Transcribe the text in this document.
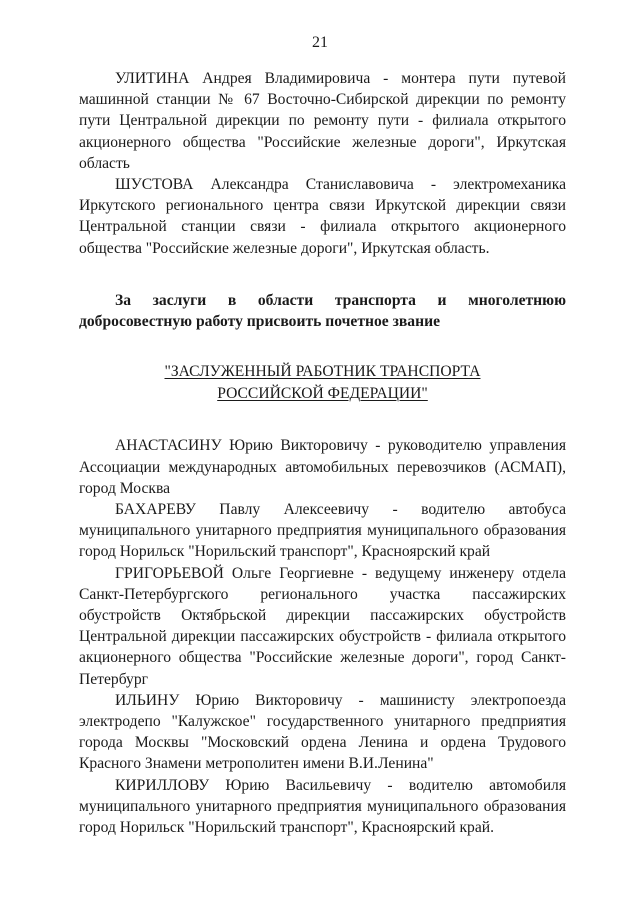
21

УЛИТИНА Андрея Владимировича - монтера пути путевой машинной станции № 67 Восточно-Сибирской дирекции по ремонту пути Центральной дирекции по ремонту пути - филиала открытого акционерного общества "Российские железные дороги", Иркутская область

ШУСТОВА Александра Станиславовича - электромеханика Иркутского регионального центра связи Иркутской дирекции связи Центральной станции связи - филиала открытого акционерного общества "Российские железные дороги", Иркутская область.

За заслуги в области транспорта и многолетнюю добросовестную работу присвоить почетное звание

"ЗАСЛУЖЕННЫЙ РАБОТНИК ТРАНСПОРТА
РОССИЙСКОЙ ФЕДЕРАЦИИ"

АНАСТАСИНУ Юрию Викторовичу - руководителю управления Ассоциации международных автомобильных перевозчиков (АСМАП), город Москва

БАХАРЕВУ Павлу Алексеевичу - водителю автобуса муниципального унитарного предприятия муниципального образования город Норильск "Норильский транспорт", Красноярский край

ГРИГОРЬЕВОЙ Ольге Георгиевне - ведущему инженеру отдела Санкт-Петербургского регионального участка пассажирских обустройств Октябрьской дирекции пассажирских обустройств Центральной дирекции пассажирских обустройств - филиала открытого акционерного общества "Российские железные дороги", город Санкт-Петербург

ИЛЬИНУ Юрию Викторовичу - машинисту электропоезда электродепо "Калужское" государственного унитарного предприятия города Москвы "Московский ордена Ленина и ордена Трудового Красного Знамени метрополитен имени В.И.Ленина"

КИРИЛЛОВУ Юрию Васильевичу - водителю автомобиля муниципального унитарного предприятия муниципального образования город Норильск "Норильский транспорт", Красноярский край.
